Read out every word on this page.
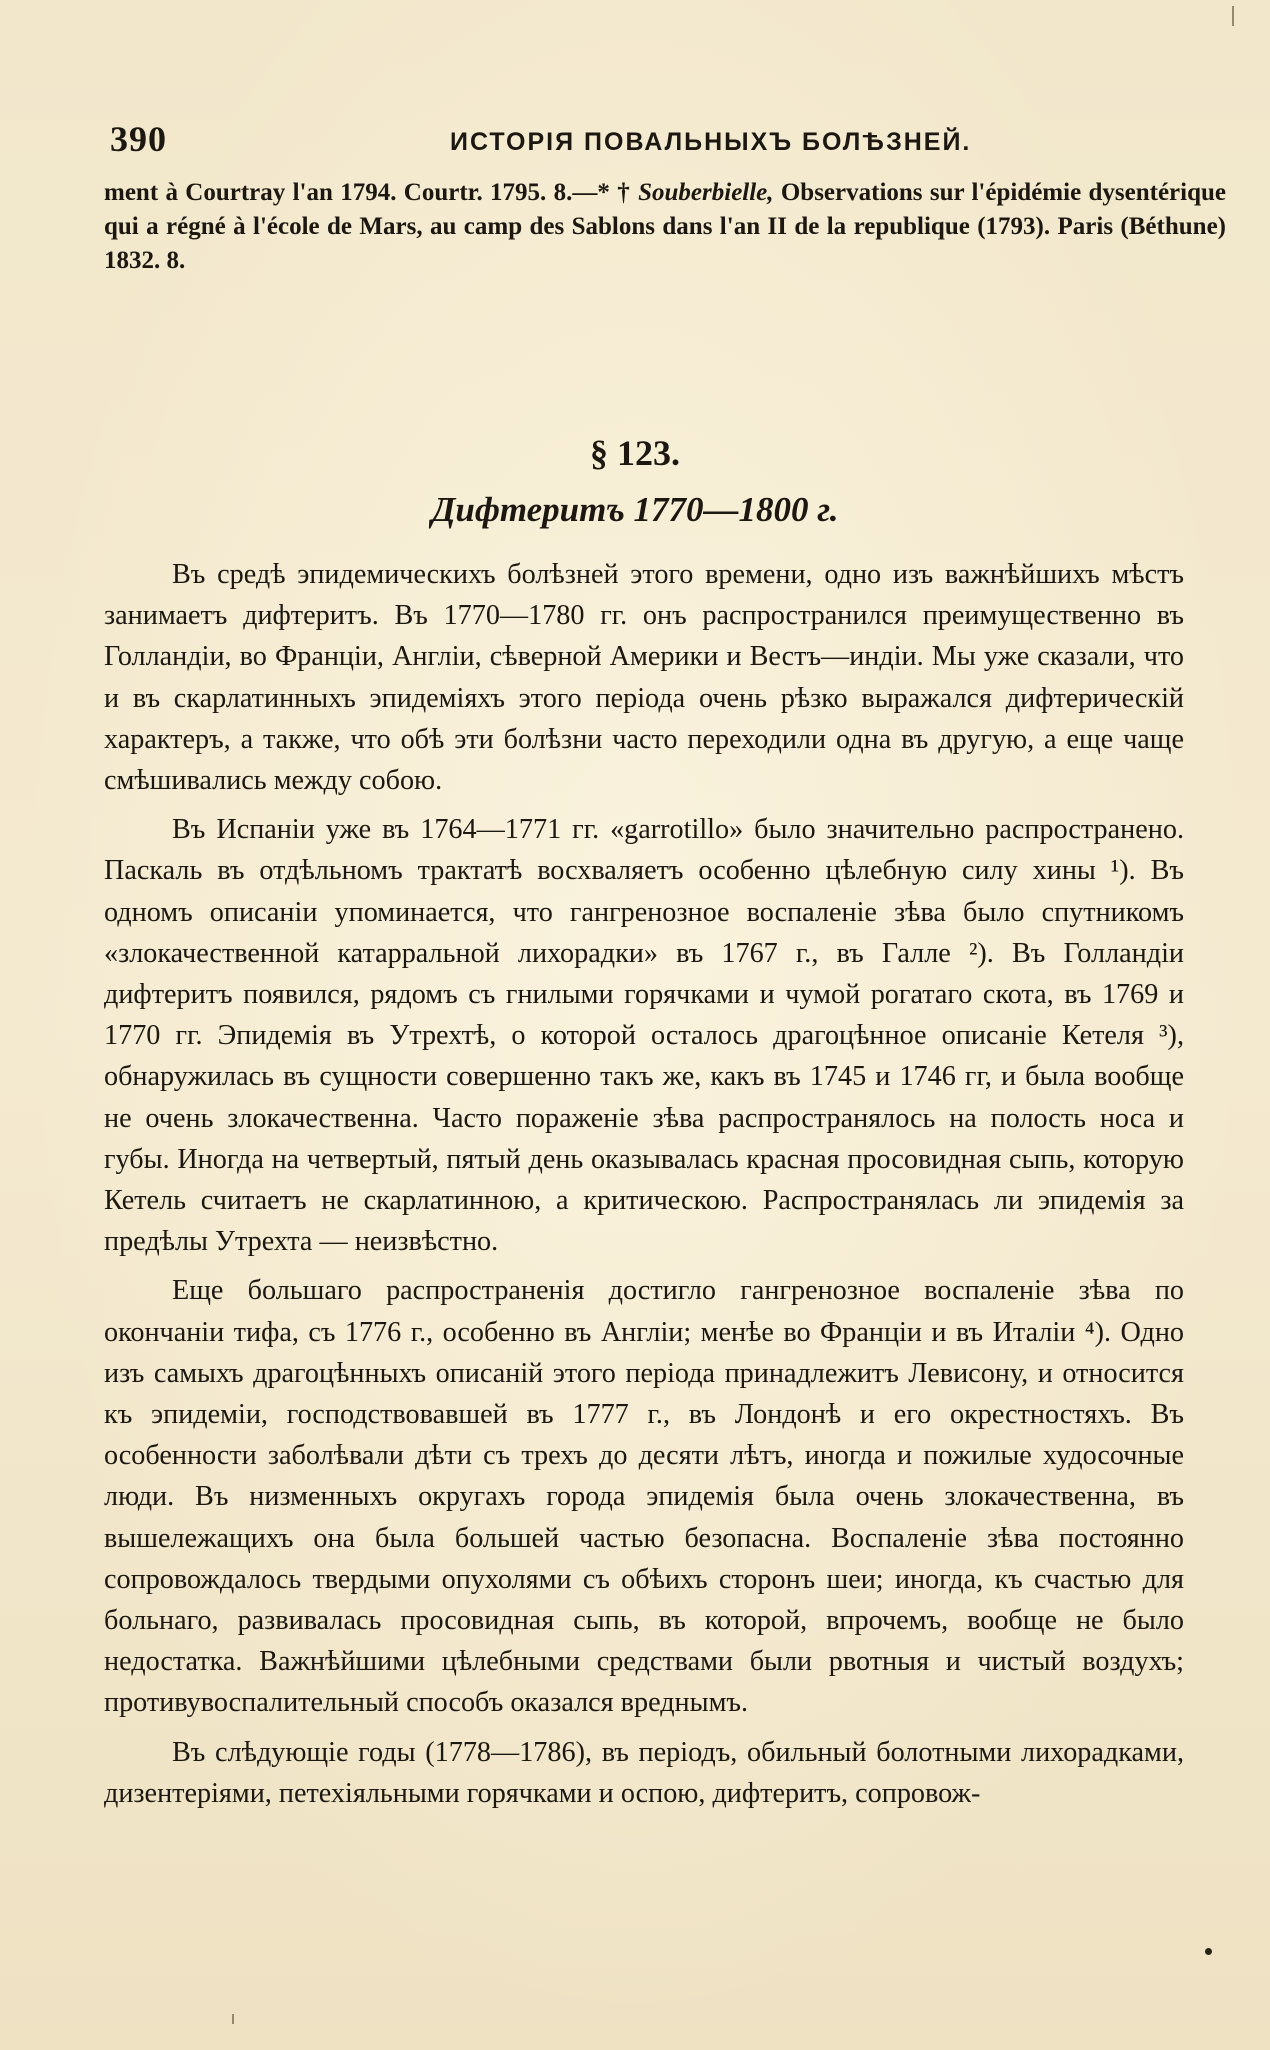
390	ИСТОРІЯ ПОВАЛЬНЫХЪ БОЛѢЗНЕЙ.
ment à Courtray l'an 1794. Courtr. 1795. 8.—* † Souberbielle, Observations sur l'épidémie dysentérique qui a régné à l'école de Mars, au camp des Sablons dans l'an II de la republique (1793). Paris (Béthune) 1832. 8.
§ 123.
Дифтеритъ 1770—1800 г.

Въ средѣ эпидемическихъ болѣзней этого времени, одно изъ важнѣйшихъ мѣстъ занимаетъ дифтеритъ. Въ 1770—1780 гг. онъ распространился преимущественно въ Голландіи, во Франціи, Англіи, сѣверной Америки и Вестъ—индіи. Мы уже сказали, что и въ скарлатинныхъ эпидеміяхъ этого періода очень рѣзко выражался дифтерическій характеръ, а также, что обѣ эти болѣзни часто переходили одна въ другую, а еще чаще смѣшивались между собою.

Въ Испаніи уже въ 1764—1771 гг. «garrotillo» было значительно распространено. Паскаль въ отдѣльномъ трактатѣ восхваляетъ особенно цѣлебную силу хины ¹). Въ одномъ описаніи упоминается, что гангренозное воспаленіе зѣва было спутникомъ «злокачественной катарральной лихорадки» въ 1767 г., въ Галле ²). Въ Голландіи дифтеритъ появился, рядомъ съ гнилыми горячками и чумой рогатаго скота, въ 1769 и 1770 гг. Эпидемія въ Утрехтѣ, о которой осталось драгоцѣнное описаніе Кетеля ³), обнаружилась въ сущности совершенно такъ же, какъ въ 1745 и 1746 гг, и была вообще не очень злокачественна. Часто пораженіе зѣва распространялось на полость носа и губы. Иногда на четвертый, пятый день оказывалась красная просовидная сыпь, которую Кетель считаетъ не скарлатинною, а критическою. Распространялась ли эпидемія за предѣлы Утрехта — неизвѣстно.

Еще большаго распространенія достигло гангренозное воспаленіе зѣва по окончаніи тифа, съ 1776 г., особенно въ Англіи; менѣе во Франціи и въ Италіи ⁴). Одно изъ самыхъ драгоцѣнныхъ описаній этого періода принадлежитъ Левисону, и относится къ эпидеміи, господствовавшей въ 1777 г., въ Лондонѣ и его окрестностяхъ. Въ особенности заболѣвали дѣти съ трехъ до десяти лѣтъ, иногда и пожилые худосочные люди. Въ низменныхъ округахъ города эпидемія была очень злокачественна, въ вышележащихъ она была большей частью безопасна. Воспаленіе зѣва постоянно сопровождалось твердыми опухолями съ обѣихъ сторонъ шеи; иногда, къ счастью для больнаго, развивалась просовидная сыпь, въ которой, впрочемъ, вообще не было недостатка. Важнѣйшими цѣлебными средствами были рвотныя и чистый воздухъ; противувоспалительный способъ оказался вреднымъ.

Въ слѣдующіе годы (1778—1786), въ періодъ, обильный болотными лихорадками, дизентеріями, петехіяльными горячками и оспою, дифтеритъ, сопровож-
